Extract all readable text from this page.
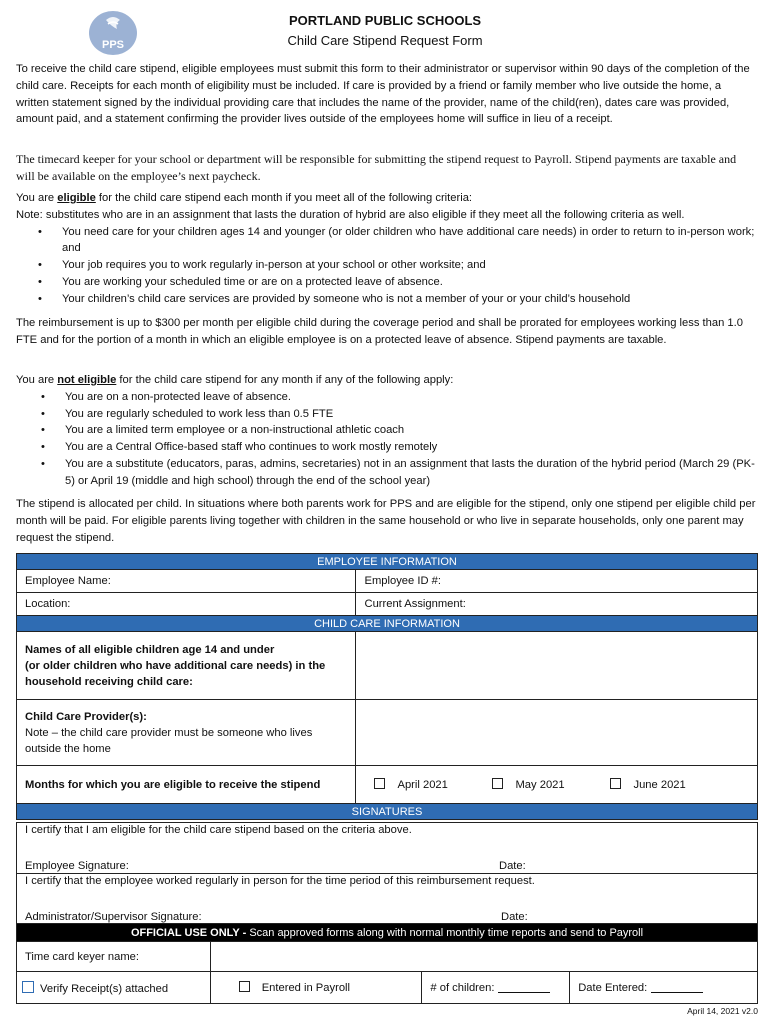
PPS
PORTLAND PUBLIC SCHOOLS
Child Care Stipend Request Form
To receive the child care stipend, eligible employees must submit this form to their administrator or supervisor within 90 days of the completion of the child care. Receipts for each month of eligibility must be included. If care is provided by a friend or family member who live outside the home, a written statement signed by the individual providing care that includes the name of the provider, name of the child(ren), dates care was provided, amount paid, and a statement confirming the provider lives outside of the employees home will suffice in lieu of a receipt.
The timecard keeper for your school or department will be responsible for submitting the stipend request to Payroll. Stipend payments are taxable and will be available on the employee’s next paycheck.
You are eligible for the child care stipend each month if you meet all of the following criteria:
Note: substitutes who are in an assignment that lasts the duration of hybrid are also eligible if they meet all the following criteria as well.
• You need care for your children ages 14 and younger (or older children who have additional care needs) in order to return to in-person work; and
• Your job requires you to work regularly in-person at your school or other worksite; and
• You are working your scheduled time or are on a protected leave of absence.
• Your children’s child care services are provided by someone who is not a member of your or your child’s household
The reimbursement is up to $300 per month per eligible child during the coverage period and shall be prorated for employees working less than 1.0 FTE and for the portion of a month in which an eligible employee is on a protected leave of absence. Stipend payments are taxable.
You are not eligible for the child care stipend for any month if any of the following apply:
• You are on a non-protected leave of absence.
• You are regularly scheduled to work less than 0.5 FTE
• You are a limited term employee or a non-instructional athletic coach
• You are a Central Office-based staff who continues to work mostly remotely
• You are a substitute (educators, paras, admins, secretaries) not in an assignment that lasts the duration of the hybrid period (March 29 (PK-5) or April 19 (middle and high school) through the end of the school year)
The stipend is allocated per child. In situations where both parents work for PPS and are eligible for the stipend, only one stipend per eligible child per month will be paid. For eligible parents living together with children in the same household or who live in separate households, only one parent may request the stipend.
EMPLOYEE INFORMATION	
Employee Name:	Employee ID #:
Location:	Current Assignment:
CHILD CARE INFORMATION	

Names of all eligible children age 14 and under
(or older children who have additional care needs) in the
household receiving child care:	

Child Care Provider(s):
Note – the child care provider must be someone who lives
outside the home	

Months for which you are eligible to receive the stipend	April 2021 May 2021 June 2021
SIGNATURES	
I certify that I am eligible for the child care stipend based on the criteria above.
Employee Signature:	Date:

I certify that the employee worked regularly in person for the time period of this reimbursement request.
Administrator/Supervisor Signature:	Date:
OFFICIAL USE ONLY - Scan approved forms along with normal monthly time reports and send to Payroll			
Time card keyer name:			
Verify Receipt(s) attached	Entered in Payroll	# of children:	Date Entered:
April 14, 2021 v2.0
